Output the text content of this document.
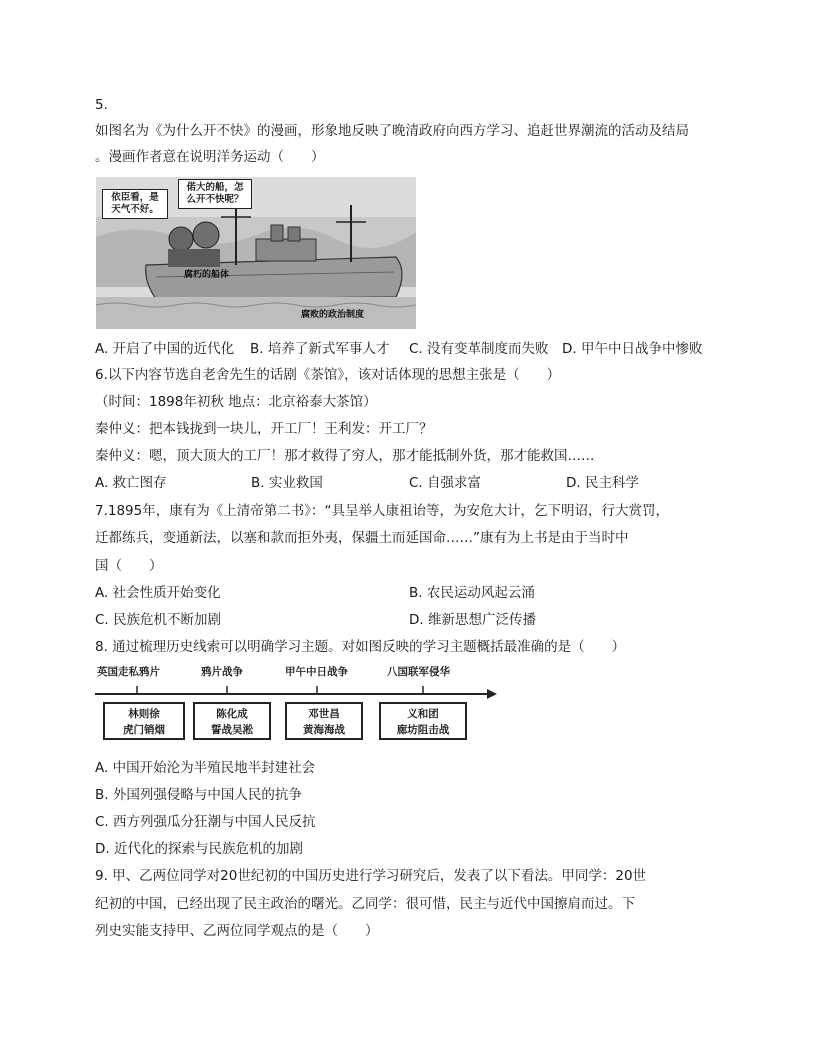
5.
如图名为《为什么开不快》的漫画，形象地反映了晚清政府向西方学习、追赶世界潮流的活动及结局
。漫画作者意在说明洋务运动（　　）
依臣看，是
天气不好。
偌大的船，怎
么开不快呢？
腐朽的船体
腐败的政治制度
A. 开启了中国的近代化 B. 培养了新式军事人才 C. 没有变革制度而失败 D. 甲午中日战争中惨败
6.以下内容节选自老舍先生的话剧《茶馆》，该对话体现的思想主张是（　　）
（时间：1898年初秋 地点：北京裕泰大茶馆）
秦仲义：把本钱拢到一块儿，开工厂！王利发：开工厂？
秦仲义：嗯，顶大顶大的工厂！那才救得了穷人，那才能抵制外货，那才能救国……
A. 救亡图存	B. 实业救国	C. 自强求富	D. 民主科学
7.1895年，康有为《上清帝第二书》：“具呈举人康祖诒等，为安危大计，乞下明诏，行大赏罚，
迁都练兵，变通新法，以塞和款而拒外夷，保疆土而延国命……”康有为上书是由于当时中
国（　　）
A. 社会性质开始变化	B. 农民运动风起云涌
C. 民族危机不断加剧	D. 维新思想广泛传播
8. 通过梳理历史线索可以明确学习主题。对如图反映的学习主题概括最准确的是（　　）
英国走私鸦片	鸦片战争	甲午中日战争	八国联军侵华
林则徐
虎门销烟
陈化成
誓战吴淞
邓世昌
黄海海战
义和团
廊坊阻击战
A. 中国开始沦为半殖民地半封建社会
B. 外国列强侵略与中国人民的抗争
C. 西方列强瓜分狂潮与中国人民反抗
D. 近代化的探索与民族危机的加剧
9. 甲、乙两位同学对20世纪初的中国历史进行学习研究后，发表了以下看法。甲同学：20世
纪初的中国，已经出现了民主政治的曙光。乙同学：很可惜，民主与近代中国擦肩而过。下
列史实能支持甲、乙两位同学观点的是（　　）
